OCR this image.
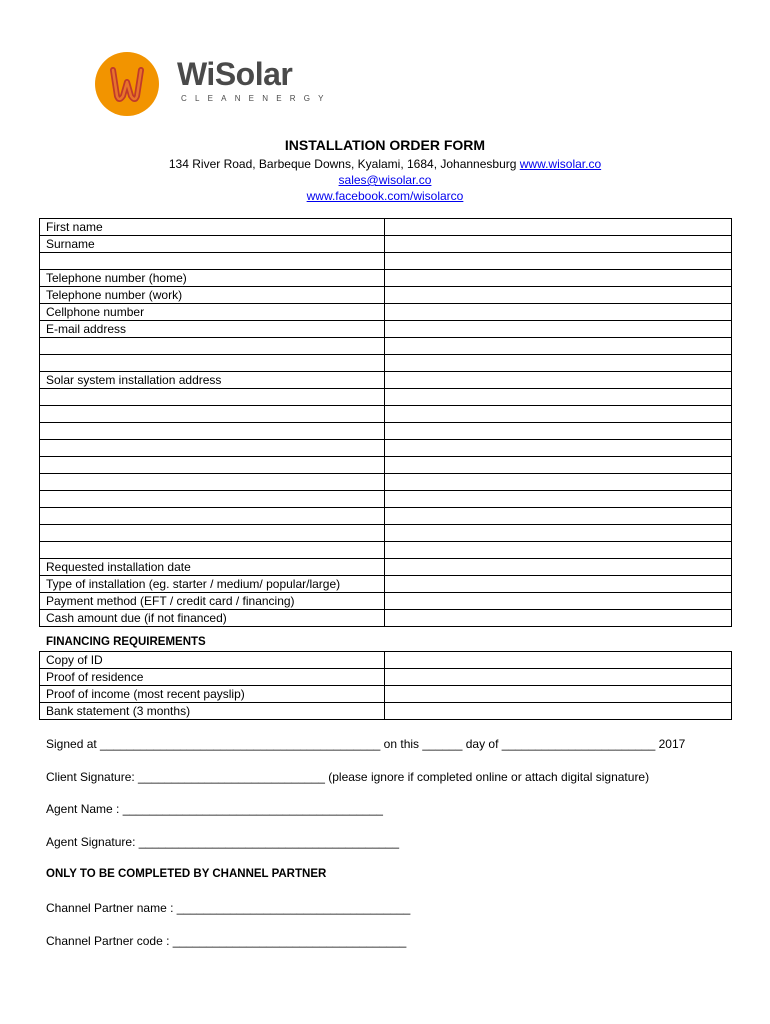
WiSolar
CLEANENERGY
INSTALLATION ORDER FORM
134 River Road, Barbeque Downs, Kyalami, 1684, Johannesburg www.wisolar.co
sales@wisolar.co
www.facebook.com/wisolarco
First name	
Surname	

Telephone number (home)	
Telephone number (work)	
Cellphone number	
E-mail address	

Solar system installation address	

Requested installation date	
Type of installation (eg. starter / medium/ popular/large)	
Payment method (EFT / credit card / financing)	
Cash amount due (if not financed)	
FINANCING REQUIREMENTS
Copy of ID	
Proof of residence	
Proof of income (most recent payslip)	
Bank statement (3 months)	
Signed at __________________________________________ on this ______ day of _______________________ 2017
Client Signature: ____________________________ (please ignore if completed online or attach digital signature)
Agent Name : _______________________________________
Agent Signature: _______________________________________
ONLY TO BE COMPLETED BY CHANNEL PARTNER
Channel Partner name : ___________________________________
Channel Partner code : ___________________________________
